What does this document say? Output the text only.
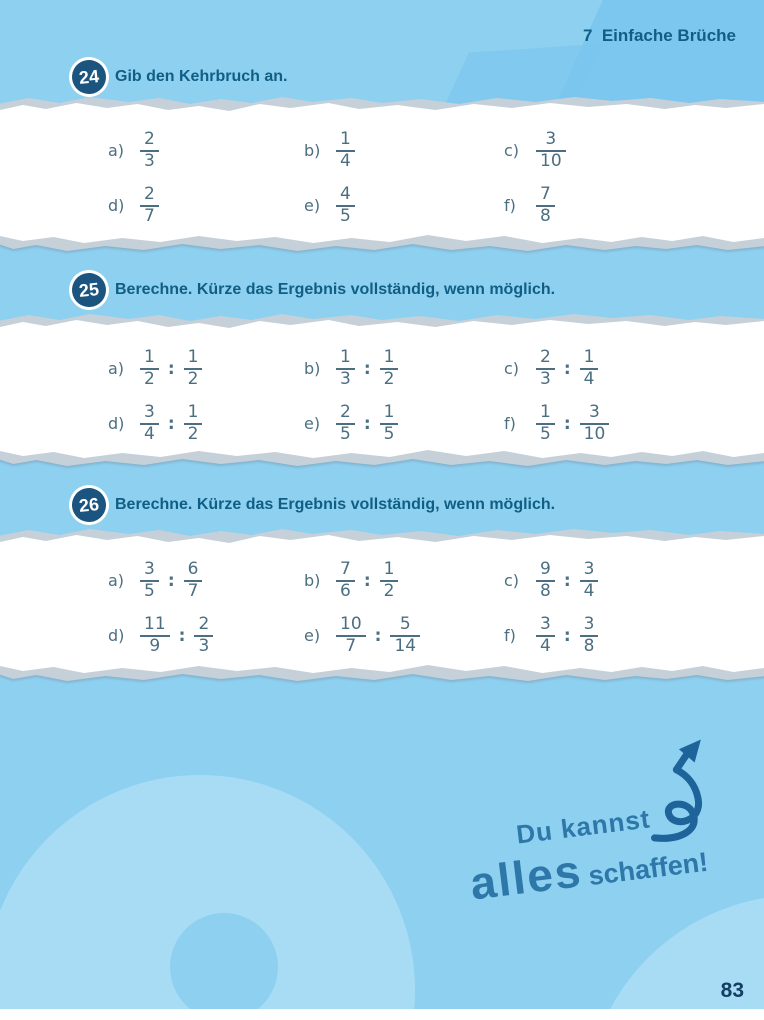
7  Einfache Brüche
24 Gib den Kehrbruch an.
$a) \frac{2}{3}$	$b) \frac{1}{4}$	$c) \frac{3}{10}$
$d) \frac{2}{7}$	$e) \frac{4}{5}$	f)	$\frac{7}{8}$
25 Berechne. Kürze das Ergebnis vollständig, wenn möglich.
$a) \frac{1}{2}$ : $\frac{1}{2}$	$b) \frac{1}{3}$ : $\frac{1}{2}$	$c) \frac{2}{3}$ : $\frac{1}{4}$
$d) \frac{3}{4}$ : $\frac{1}{2}$	$e) \frac{2}{5}$ : $\frac{1}{5}$	f)	$\frac{1}{5}$ : $\frac{3}{10}$
26 Berechne. Kürze das Ergebnis vollständig, wenn möglich.
$a) \frac{3}{5}$ : $\frac{6}{7}$	$b) \frac{7}{6}$ : $\frac{1}{2}$	$c) \frac{9}{8}$ : $\frac{3}{4}$
$d) \frac{11}{9}$ : $\frac{2}{3}$	$e) \frac{10}{7}$ : $\frac{5}{14}$	f)	$\frac{3}{4}$ : $\frac{3}{8}$
Du kannst
allesschaffen!
83
